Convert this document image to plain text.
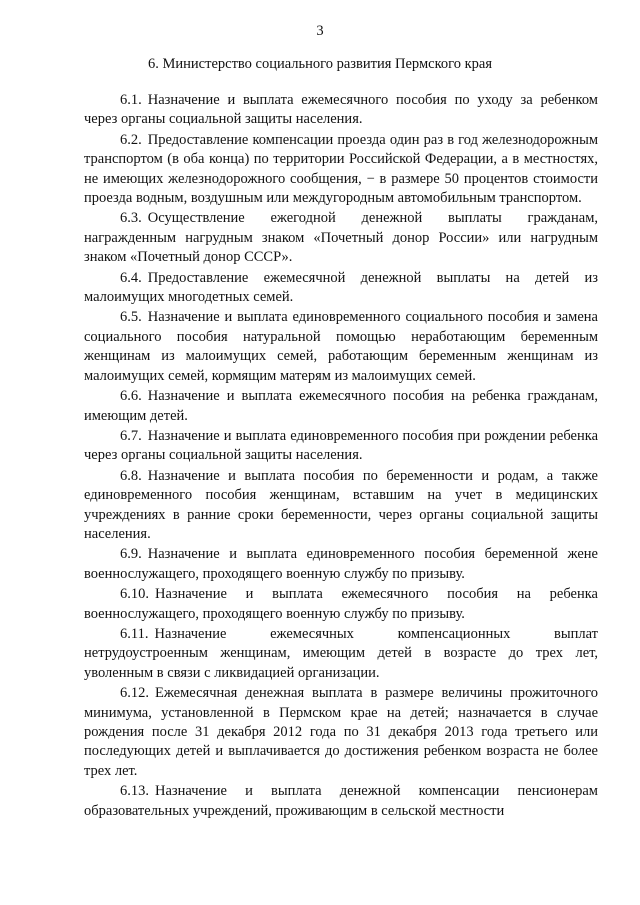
3
6. Министерство социального развития Пермского края

6.1. Назначение и выплата ежемесячного пособия по уходу за ребенком через органы социальной защиты населения.

6.2. Предоставление компенсации проезда один раз в год железнодорожным транспортом (в оба конца) по территории Российской Федерации, а в местностях, не имеющих железнодорожного сообщения, − в размере 50 процентов стоимости проезда водным, воздушным или междугородным автомобильным транспортом.

6.3. Осуществление ежегодной денежной выплаты гражданам, награжденным нагрудным знаком «Почетный донор России» или нагрудным знаком «Почетный донор СССР».

6.4. Предоставление ежемесячной денежной выплаты на детей из малоимущих многодетных семей.

6.5. Назначение и выплата единовременного социального пособия и замена социального пособия натуральной помощью неработающим беременным женщинам из малоимущих семей, работающим беременным женщинам из малоимущих семей, кормящим матерям из малоимущих семей.

6.6. Назначение и выплата ежемесячного пособия на ребенка гражданам, имеющим детей.

6.7. Назначение и выплата единовременного пособия при рождении ребенка через органы социальной защиты населения.

6.8. Назначение и выплата пособия по беременности и родам, а также единовременного пособия женщинам, вставшим на учет в медицинских учреждениях в ранние сроки беременности, через органы социальной защиты населения.

6.9. Назначение и выплата единовременного пособия беременной жене военнослужащего, проходящего военную службу по призыву.

6.10. Назначение и выплата ежемесячного пособия на ребенка военнослужащего, проходящего военную службу по призыву.

6.11. Назначение ежемесячных компенсационных выплат нетрудоустроенным женщинам, имеющим детей в возрасте до трех лет, уволенным в связи с ликвидацией организации.

6.12. Ежемесячная денежная выплата в размере величины прожиточного минимума, установленной в Пермском крае на детей; назначается в случае рождения после 31 декабря 2012 года по 31 декабря 2013 года третьего или последующих детей и выплачивается до достижения ребенком возраста не более трех лет.

6.13. Назначение и выплата денежной компенсации пенсионерам образовательных учреждений, проживающим в сельской местности
